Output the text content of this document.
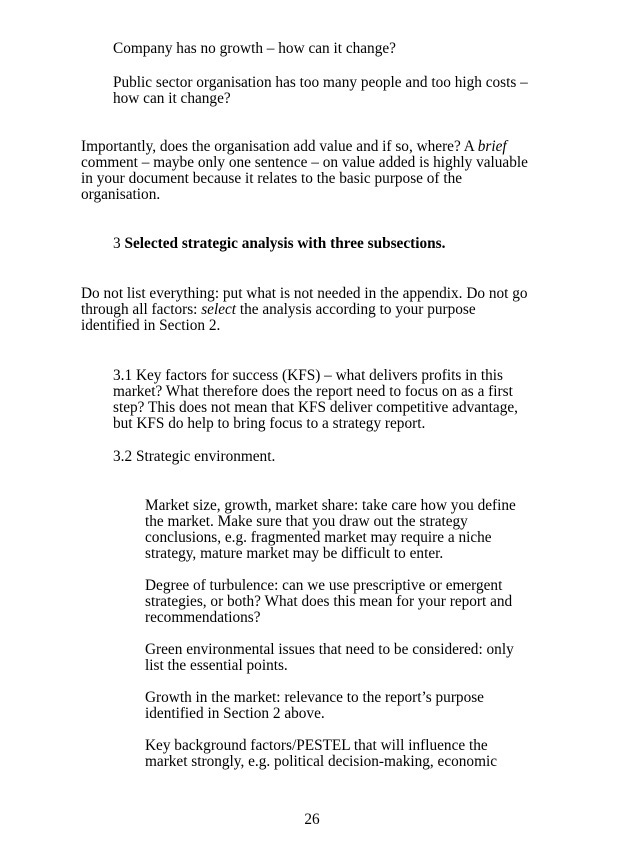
Company has no growth – how can it change?
Public sector organisation has too many people and too high costs –
how can it change?
Importantly, does the organisation add value and if so, where? A brief
comment – maybe only one sentence – on value added is highly valuable
in your document because it relates to the basic purpose of the
organisation.
3 Selected strategic analysis with three subsections.
Do not list everything: put what is not needed in the appendix. Do not go
through all factors: select the analysis according to your purpose
identified in Section 2.
3.1 Key factors for success (KFS) – what delivers profits in this
market? What therefore does the report need to focus on as a first
step? This does not mean that KFS deliver competitive advantage,
but KFS do help to bring focus to a strategy report.
3.2 Strategic environment.
Market size, growth, market share: take care how you define
the market. Make sure that you draw out the strategy
conclusions, e.g. fragmented market may require a niche
strategy, mature market may be difficult to enter.
Degree of turbulence: can we use prescriptive or emergent
strategies, or both? What does this mean for your report and
recommendations?
Green environmental issues that need to be considered: only
list the essential points.
Growth in the market: relevance to the report’s purpose
identified in Section 2 above.
Key background factors/PESTEL that will influence the
market strongly, e.g. political decision-making, economic
26
